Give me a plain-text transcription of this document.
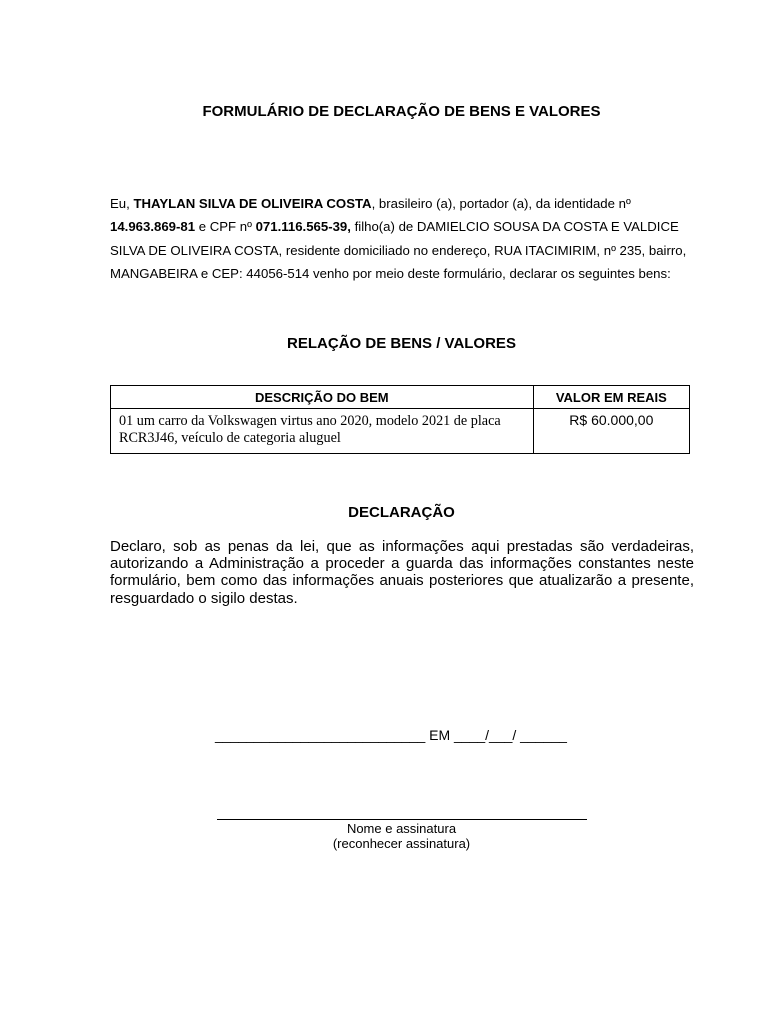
FORMULÁRIO DE DECLARAÇÃO DE BENS E VALORES
Eu, THAYLAN SILVA DE OLIVEIRA COSTA, brasileiro (a), portador (a), da identidade nº
14.963.869-81 e CPF nº 071.116.565-39, filho(a) de DAMIELCIO SOUSA DA COSTA E VALDICE SILVA DE OLIVEIRA COSTA, residente domiciliado no endereço, RUA ITACIMIRIM, nº 235, bairro, MANGABEIRA e CEP: 44056-514 venho por meio deste formulário, declarar os seguintes bens:
RELAÇÃO DE BENS / VALORES
DESCRIÇÃO DO BEM	VALOR EM REAIS
01 um carro da Volkswagen virtus ano 2020, modelo 2021 de placa RCR3J46, veículo de categoria aluguel	R$ 60.000,00
DECLARAÇÃO
Declaro, sob as penas da lei, que as informações aqui prestadas são verdadeiras, autorizando a Administração a proceder a guarda das informações constantes neste formulário, bem como das informações anuais posteriores que atualizarão a presente, resguardado o sigilo destas.
___________________________ EM ____/___/ ______
Nome e assinatura
(reconhecer assinatura)
